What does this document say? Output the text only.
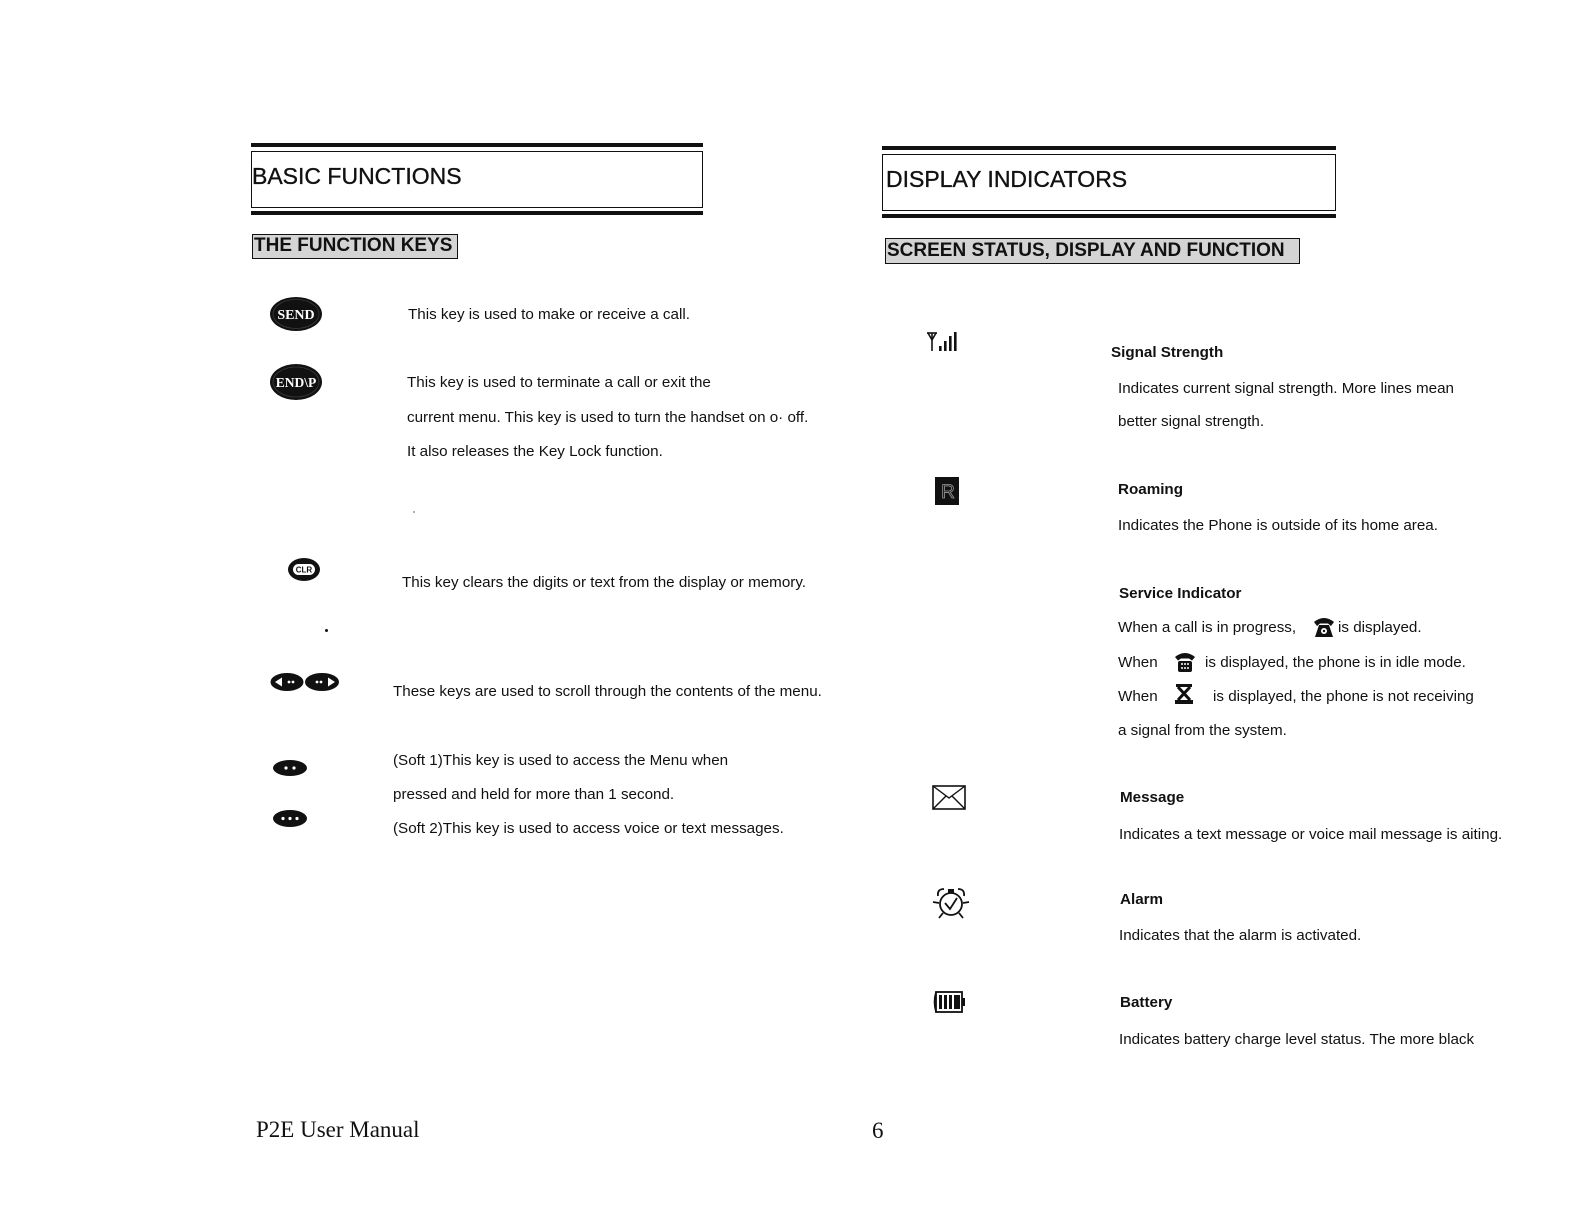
BASIC FUNCTIONS
THE FUNCTION KEYS
SEND	This key is used to make or receive a call.
END\P	This key is used to terminate a call or exit the
current menu. This key is used to turn the handset on o· off.
It also releases the Key Lock function.
CLR
This key clears the digits or text from the display or memory.
These keys are used to scroll through the contents of the menu.
(Soft 1)This key is used to access the Menu when
pressed and held for more than 1 second.
(Soft 2)This key is used to access voice or text messages.
DISPLAY INDICATORS
SCREEN STATUS, DISPLAY AND FUNCTION
Signal Strength
Indicates current signal strength. More lines mean
better signal strength.
R	Roaming
Indicates the Phone is outside of its home area.
Service Indicator
When a call is in progress,	is displayed.
When	is displayed, the phone is in idle mode.
When	is displayed, the phone is not receiving
a signal from the system.
Message
Indicates a text message or voice mail message is aiting.
Alarm
Indicates that the alarm is activated.
Battery
Indicates battery charge level status. The more black
P2E User Manual	6
